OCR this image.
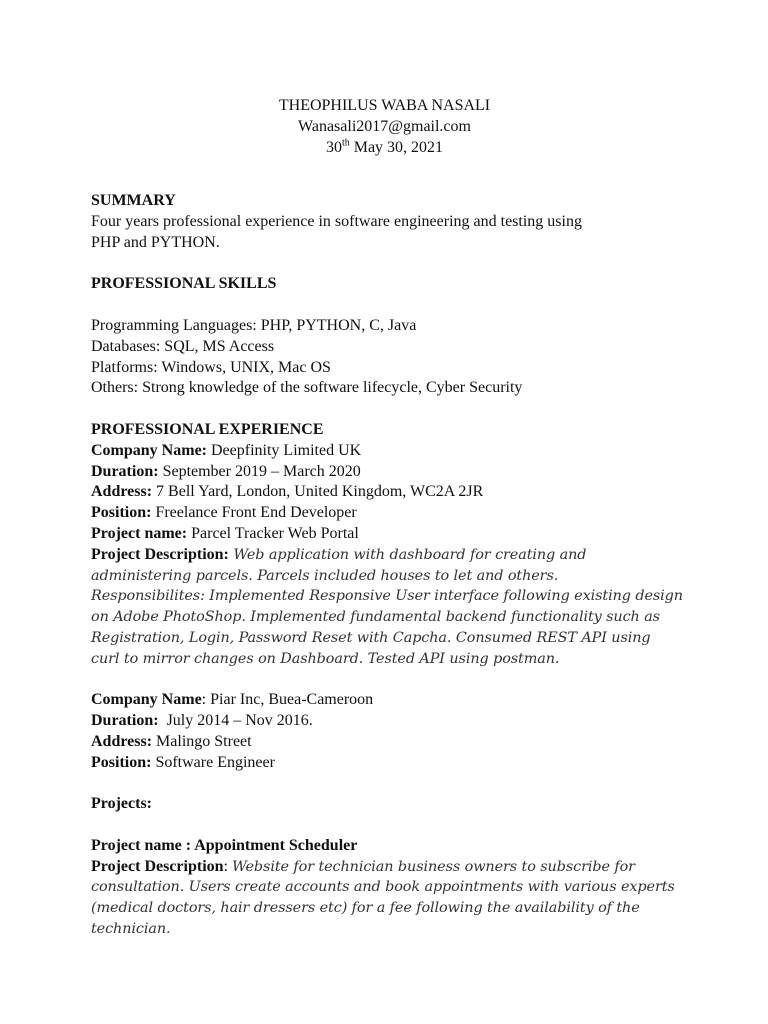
THEOPHILUS WABA NASALI

Wanasali2017@gmail.com

30th May 30, 2021

SUMMARY

Four years professional experience in software engineering and testing using

PHP and PYTHON.

PROFESSIONAL SKILLS

Programming Languages: PHP, PYTHON, C, Java

Databases: SQL, MS Access

Platforms: Windows, UNIX, Mac OS

Others: Strong knowledge of the software lifecycle, Cyber Security

PROFESSIONAL EXPERIENCE

Company Name: Deepfinity Limited UK

Duration: September 2019 – March 2020

Address: 7 Bell Yard, London, United Kingdom, WC2A 2JR

Position: Freelance Front End Developer

Project name: Parcel Tracker Web Portal

Project Description: Web application with dashboard for creating and

administering parcels. Parcels included houses to let and others.

Responsibilites: Implemented Responsive User interface following existing design

on Adobe PhotoShop. Implemented fundamental backend functionality such as

Registration, Login, Password Reset with Capcha. Consumed REST API using

curl to mirror changes on Dashboard. Tested API using postman.

Company Name: Piar Inc, Buea-Cameroon

Duration:  July 2014 – Nov 2016.

Address: Malingo Street

Position: Software Engineer

Projects:

Project name : Appointment Scheduler

Project Description: Website for technician business owners to subscribe for

consultation. Users create accounts and book appointments with various experts

(medical doctors, hair dressers etc) for a fee following the availability of the

technician.
